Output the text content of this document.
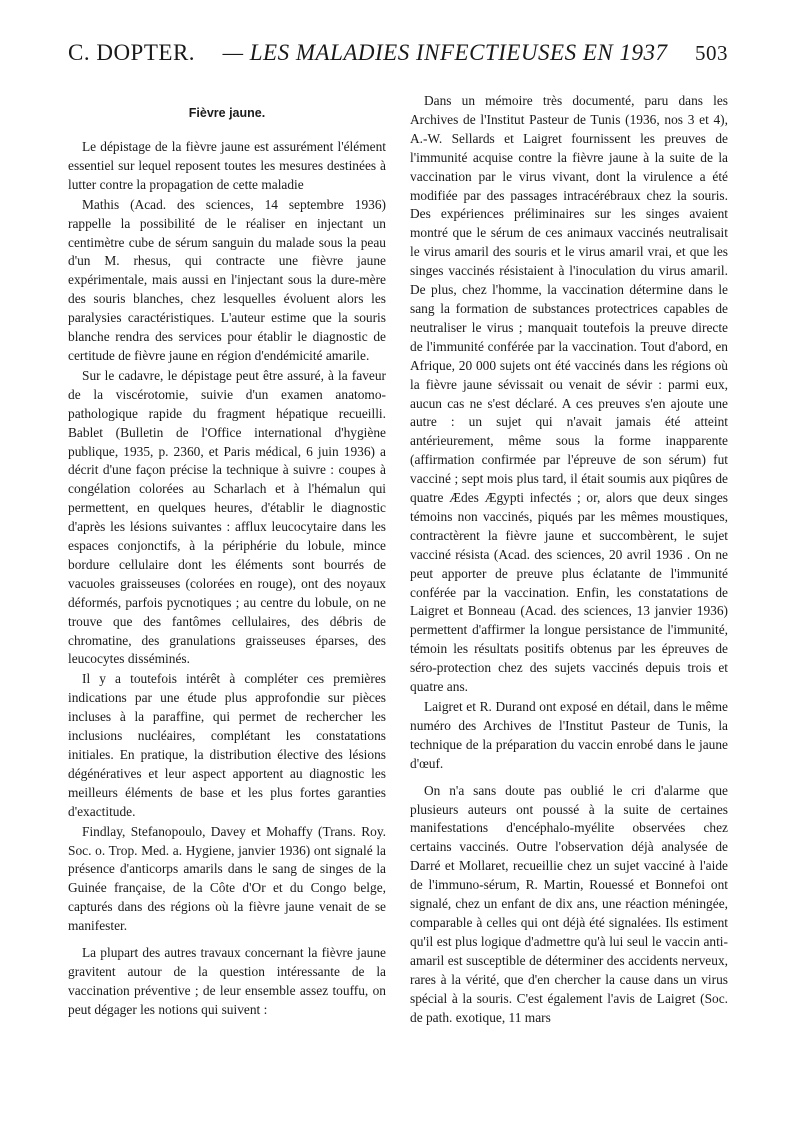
C. DOPTER.	— LES MALADIES INFECTIEUSES EN 1937	503
Fièvre jaune.

Le dépistage de la fièvre jaune est assurément l'élément essentiel sur lequel reposent toutes les mesures destinées à lutter contre la propagation de cette maladie

Mathis (Acad. des sciences, 14 septembre 1936) rappelle la possibilité de le réaliser en injectant un centimètre cube de sérum sanguin du malade sous la peau d'un M. rhesus, qui contracte une fièvre jaune expérimentale, mais aussi en l'injectant sous la dure-mère des souris blanches, chez lesquelles évoluent alors les paralysies caractéristiques. L'auteur estime que la souris blanche rendra des services pour établir le diagnostic de certitude de fièvre jaune en région d'endémicité amarile.

Sur le cadavre, le dépistage peut être assuré, à la faveur de la viscérotomie, suivie d'un examen anatomo-pathologique rapide du fragment hépatique recueilli. Bablet (Bulletin de l'Office international d'hygiène publique, 1935, p. 2360, et Paris médical, 6 juin 1936) a décrit d'une façon précise la technique à suivre : coupes à congélation colorées au Scharlach et à l'hémalun qui permettent, en quelques heures, d'établir le diagnostic d'après les lésions suivantes : afflux leucocytaire dans les espaces conjonctifs, à la périphérie du lobule, mince bordure cellulaire dont les éléments sont bourrés de vacuoles graisseuses (colorées en rouge), ont des noyaux déformés, parfois pycnotiques ; au centre du lobule, on ne trouve que des fantômes cellulaires, des débris de chromatine, des granulations graisseuses éparses, des leucocytes disséminés.

Il y a toutefois intérêt à compléter ces premières indications par une étude plus approfondie sur pièces incluses à la paraffine, qui permet de rechercher les inclusions nucléaires, complétant les constatations initiales. En pratique, la distribution élective des lésions dégénératives et leur aspect apportent au diagnostic les meilleurs éléments de base et les plus fortes garanties d'exactitude.

Findlay, Stefanopoulo, Davey et Mohaffy (Trans. Roy. Soc. o. Trop. Med. a. Hygiene, janvier 1936) ont signalé la présence d'anticorps amarils dans le sang de singes de la Guinée française, de la Côte d'Or et du Congo belge, capturés dans des régions où la fièvre jaune venait de se manifester.

La plupart des autres travaux concernant la fièvre jaune gravitent autour de la question intéressante de la vaccination préventive ; de leur ensemble assez touffu, on peut dégager les notions qui suivent :

Dans un mémoire très documenté, paru dans les Archives de l'Institut Pasteur de Tunis (1936, nos 3 et 4), A.-W. Sellards et Laigret fournissent les preuves de l'immunité acquise contre la fièvre jaune à la suite de la vaccination par le virus vivant, dont la virulence a été modifiée par des passages intracérébraux chez la souris. Des expériences préliminaires sur les singes avaient montré que le sérum de ces animaux vaccinés neutralisait le virus amaril des souris et le virus amaril vrai, et que les singes vaccinés résistaient à l'inoculation du virus amaril. De plus, chez l'homme, la vaccination détermine dans le sang la formation de substances protectrices capables de neutraliser le virus ; manquait toutefois la preuve directe de l'immunité conférée par la vaccination. Tout d'abord, en Afrique, 20 000 sujets ont été vaccinés dans les régions où la fièvre jaune sévissait ou venait de sévir : parmi eux, aucun cas ne s'est déclaré. A ces preuves s'en ajoute une autre : un sujet qui n'avait jamais été atteint antérieurement, même sous la forme inapparente (affirmation confirmée par l'épreuve de son sérum) fut vacciné ; sept mois plus tard, il était soumis aux piqûres de quatre Ædes Ægypti infectés ; or, alors que deux singes témoins non vaccinés, piqués par les mêmes moustiques, contractèrent la fièvre jaune et succombèrent, le sujet vacciné résista (Acad. des sciences, 20 avril 1936 . On ne peut apporter de preuve plus éclatante de l'immunité conférée par la vaccination. Enfin, les constatations de Laigret et Bonneau (Acad. des sciences, 13 janvier 1936) permettent d'affirmer la longue persistance de l'immunité, témoin les résultats positifs obtenus par les épreuves de séro-protection chez des sujets vaccinés depuis trois et quatre ans.

Laigret et R. Durand ont exposé en détail, dans le même numéro des Archives de l'Institut Pasteur de Tunis, la technique de la préparation du vaccin enrobé dans le jaune d'œuf.

On n'a sans doute pas oublié le cri d'alarme que plusieurs auteurs ont poussé à la suite de certaines manifestations d'encéphalo-myélite observées chez certains vaccinés. Outre l'observation déjà analysée de Darré et Mollaret, recueillie chez un sujet vacciné à l'aide de l'immuno-sérum, R. Martin, Rouessé et Bonnefoi ont signalé, chez un enfant de dix ans, une réaction méningée, comparable à celles qui ont déjà été signalées. Ils estiment qu'il est plus logique d'admettre qu'à lui seul le vaccin anti-amaril est susceptible de déterminer des accidents nerveux, rares à la vérité, que d'en chercher la cause dans un virus spécial à la souris. C'est également l'avis de Laigret (Soc. de path. exotique, 11 mars
